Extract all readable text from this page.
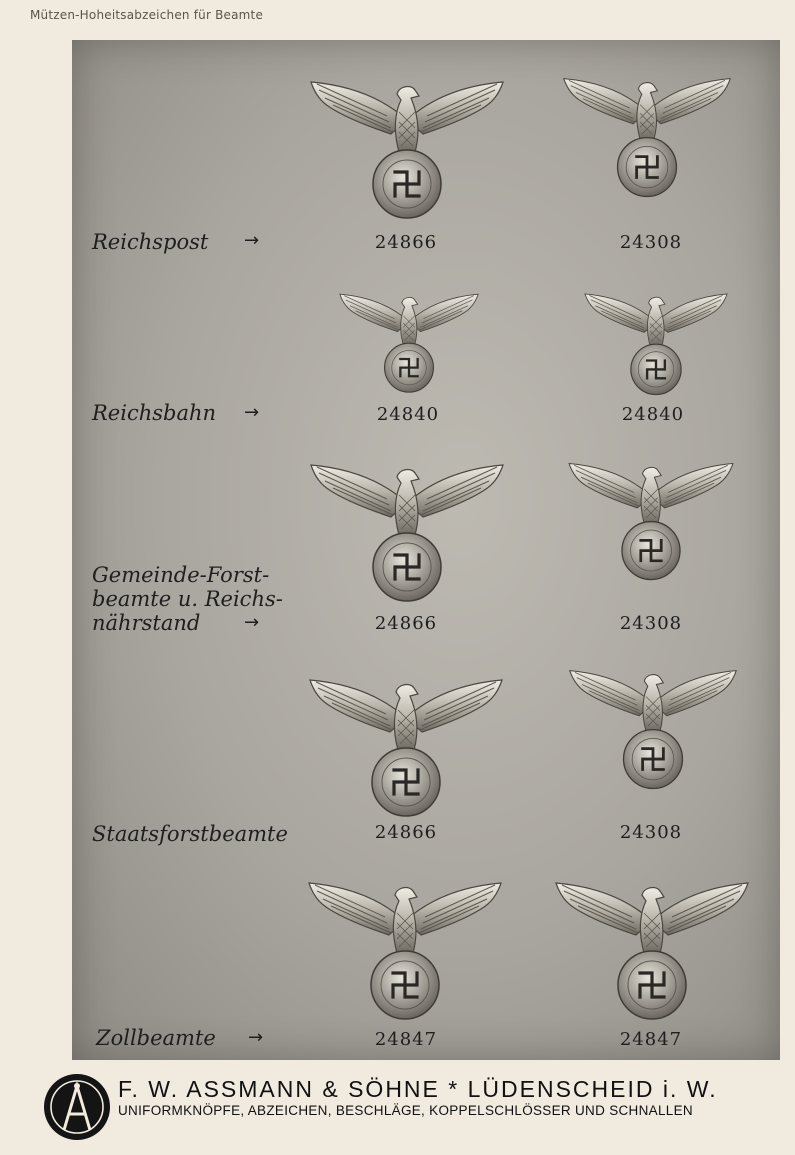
Mützen-Hoheitsabzeichen für Beamte
Reichspost →	24866	24308
Reichsbahn →	24840	24840
Gemeinde-Forst-
beamte u. Reichs-
nährstand	→	24866	24308
Staatsforstbeamte	24866	24308
Zollbeamte →	24847	24847
F. W. ASSMANN & SÖHNE * LÜDENSCHEID i. W.
UNIFORMKNÖPFE, ABZEICHEN, BESCHLÄGE, KOPPELSCHLÖSSER UND SCHNALLEN
